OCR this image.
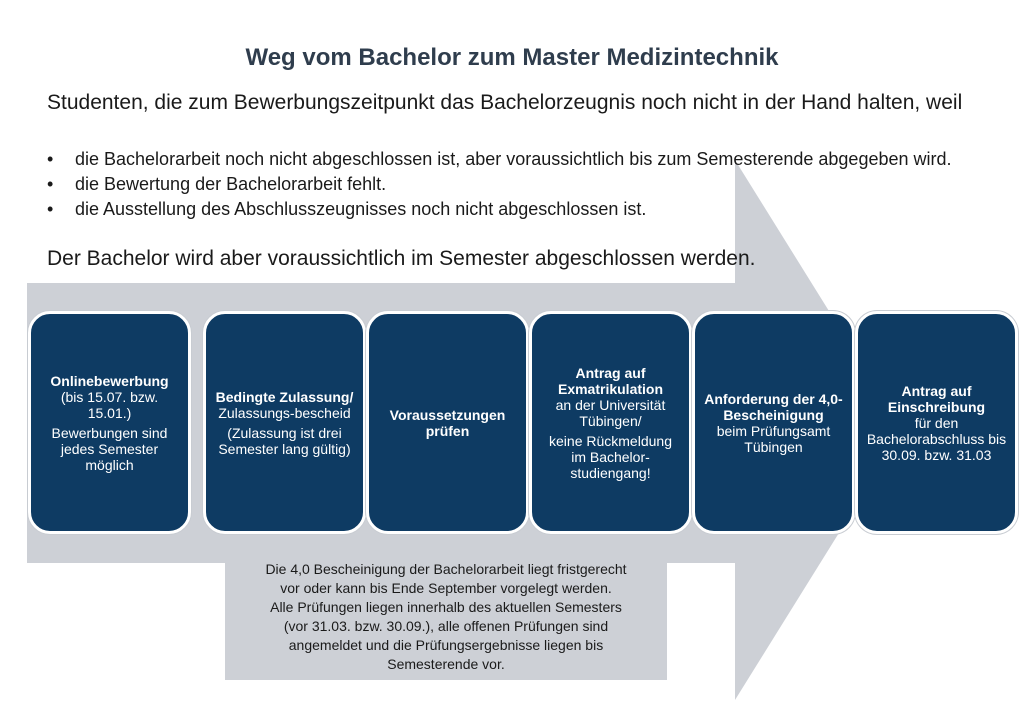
Weg vom Bachelor zum Master Medizintechnik
Studenten, die zum Bewerbungszeitpunkt das Bachelorzeugnis noch nicht in der Hand halten, weil
• die Bachelorarbeit noch nicht abgeschlossen ist, aber voraussichtlich bis zum Semesterende abgegeben wird.
• die Bewertung der Bachelorarbeit fehlt.
• die Ausstellung des Abschlusszeugnisses noch nicht abgeschlossen ist.
Der Bachelor wird aber voraussichtlich im Semester abgeschlossen werden.
Onlinebewerbung
(bis 15.07. bzw. 15.01.)
Bewerbungen sind jedes Semester möglich
Bedingte Zulassung/
Zulassungs-bescheid
(Zulassung ist drei Semester lang gültig)
Voraussetzungen prüfen
Antrag auf Exmatrikulation
an der Universität Tübingen/
keine Rückmeldung im Bachelor-studiengang!
Anforderung der 4,0-Bescheinigung
beim Prüfungsamt Tübingen
Antrag auf Einschreibung
für den Bachelorabschluss bis 30.09. bzw. 31.03
Die 4,0 Bescheinigung der Bachelorarbeit liegt fristgerecht
vor oder kann bis Ende September vorgelegt werden.
Alle Prüfungen liegen innerhalb des aktuellen Semesters
(vor 31.03. bzw. 30.09.), alle offenen Prüfungen sind
angemeldet und die Prüfungsergebnisse liegen bis
Semesterende vor.
